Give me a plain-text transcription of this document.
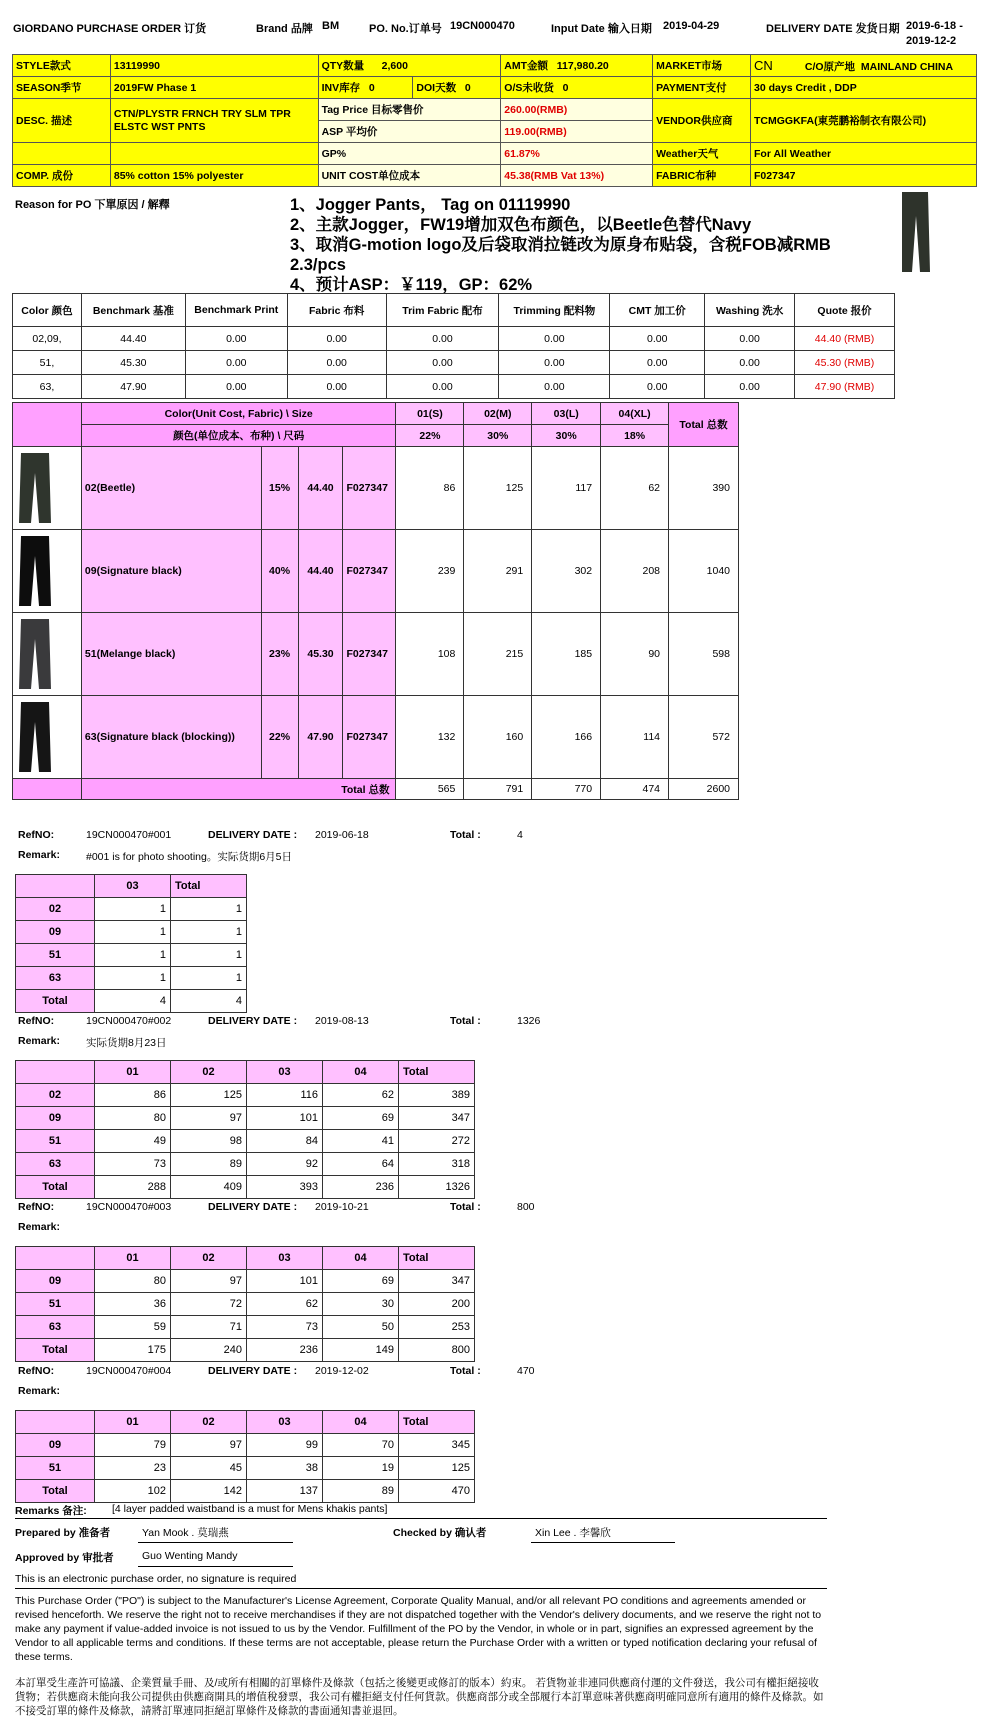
GIORDANO PURCHASE ORDER 订货	Brand 品牌 BM	PO. No.订单号 19CN000470	Input Date 输入日期 2019-04-29	DELIVERY DATE 发货日期 2019-6-18 -
2019-12-2
STYLE款式	13119990	QTY数量 2,600		AMT金额 117,980.20	MARKET市场	CN C/O原产地 MAINLAND CHINA
SEASON季节	2019FW Phase 1	INV库存 0	DOI天数 0	O/S未收货 0	PAYMENT支付	30 days Credit , DDP
DESC. 描述	CTN/PLYSTR FRNCH TRY SLM TPR ELSTC WST PNTS	Tag Price 目标零售价		260.00(RMB)	VENDOR供应商	TCMGGKFA(東莞鹏裕制衣有限公司)
		ASP 平均价		119.00(RMB)		
		GP%		61.87%	Weather天气	For All Weather
COMP. 成份	85% cotton 15% polyester	UNIT COST单位成本		45.38(RMB Vat 13%)	FABRIC布种	F027347
Reason for PO 下單原因 / 解釋	1、Jogger Pants， Tag on 01119990
2、主款Jogger，FW19增加双色布颜色，以Beetle色替代Navy
3、取消G-motion logo及后袋取消拉链改为原身布贴袋，含税FOB减RMB
2.3/pcs
4、预计ASP：￥119，GP：62%
Color 颜色	Benchmark 基准	Benchmark Print	Fabric 布料	Trim Fabric 配布	Trimming 配料物	CMT 加工价	Washing 洗水	Quote 报价
02,09,	44.40	0.00	0.00	0.00	0.00	0.00	0.00	44.40 (RMB)
51,	45.30	0.00	0.00	0.00	0.00	0.00	0.00	45.30 (RMB)
63,	47.90	0.00	0.00	0.00	0.00	0.00	0.00	47.90 (RMB)
	Color(Unit Cost, Fabric) \ Size				01(S)	02(M)	03(L)	04(XL)	Total 总数
	颜色(单位成本、布种) \ 尺码				22%	30%	30%	18%	

	02(Beetle)	15%	44.40	F027347	86	125	117	62	390

	09(Signature black)	40%	44.40	F027347	239	291	302	208	1040

	51(Melange black)	23%	45.30	F027347	108	215	185	90	598

	63(Signature black (blocking))	22%	47.90	F027347	132	160	166	114	572
	Total 总数				565	791	770	474	2600
RefNO:	19CN000470#001	DELIVERY DATE : 2019-06-18	Total :	4
Remark: #001 is for photo shooting。实际货期6月5日
	03	Total
02	1	1
09	1	1
51	1	1
63	1	1
Total	4	4
RefNO:	19CN000470#002	DELIVERY DATE : 2019-08-13	Total :	1326
Remark: 实际货期8月23日
	01	02	03	04	Total
02	86	125	116	62	389
09	80	97	101	69	347
51	49	98	84	41	272
63	73	89	92	64	318
Total	288	409	393	236	1326
RefNO:	19CN000470#003	DELIVERY DATE : 2019-10-21	Total :	800
Remark:
	01	02	03	04	Total
09	80	97	101	69	347
51	36	72	62	30	200
63	59	71	73	50	253
Total	175	240	236	149	800
RefNO:	19CN000470#004	DELIVERY DATE : 2019-12-02	Total :	470
Remark:
	01	02	03	04	Total
09	79	97	99	70	345
51	23	45	38	19	125
Total	102	142	137	89	470
Remarks 备注: [4 layer padded waistband is a must for Mens khakis pants]
Prepared by 准备者	Yan Mook . 莫瑞燕	Checked by 确认者	Xin Lee . 李馨欣
Approved by 审批者	Guo Wenting Mandy
This is an electronic purchase order, no signature is required
This Purchase Order ("PO") is subject to the Manufacturer's License Agreement, Corporate Quality Manual, and/or all relevant PO conditions and agreements amended or revised henceforth. We reserve the right not to receive merchandises if they are not dispatched together with the Vendor's delivery documents, and we reserve the right not to make any payment if value-added invoice is not issued to us by the Vendor. Fulfillment of the PO by the Vendor, in whole or in part, signifies an expressed agreement by the Vendor to all applicable terms and conditions. If these terms are not acceptable, please return the Purchase Order with a written or typed notification declaring your refusal of these terms.
本訂單受生產許可協議、企業質量手冊、及/或所有相關的訂單條件及條款（包括之後變更或修訂的版本）約束。 若貨物並非連同供應商付運的文件發送，我公司有權拒絕接收貨物；若供應商未能向我公司提供由供應商開具的增值稅發票，我公司有權拒絕支付任何貨款。供應商部分或全部履行本訂單意味著供應商明確同意所有適用的條件及條款。如不接受訂單的條件及條款，請將訂單連同拒絕訂單條件及條款的書面通知書並退回。
